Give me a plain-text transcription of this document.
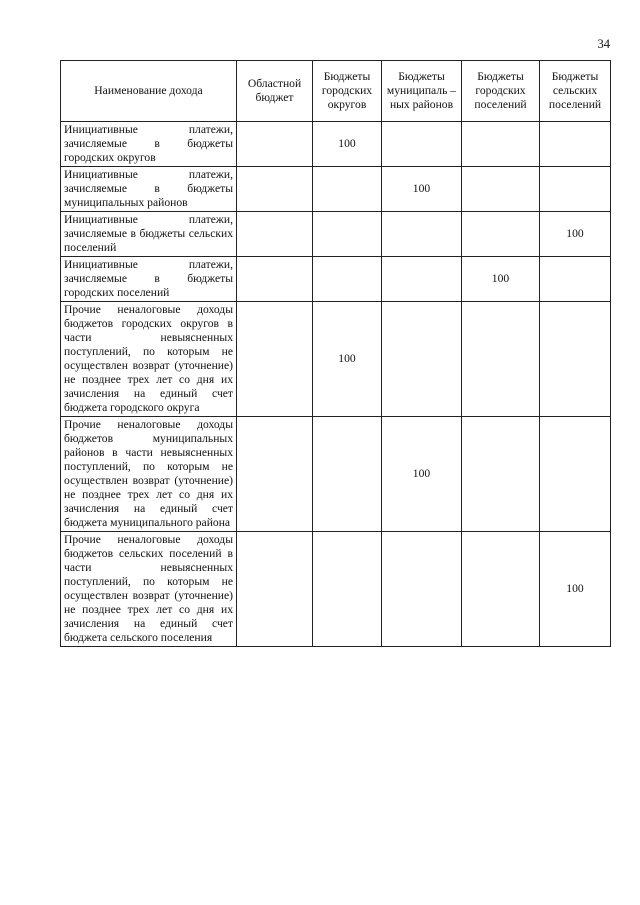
34
Наименование дохода	Областной бюджет	Бюджеты городских округов	Бюджеты муниципаль –ных районов	Бюджеты городских поселений	Бюджеты сельских поселений
Инициативные платежи, зачисляемые в бюджеты городских округов		100			
Инициативные платежи, зачисляемые в бюджеты муниципальных районов			100		
Инициативные платежи, зачисляемые в бюджеты сельских поселений					100
Инициативные платежи, зачисляемые в бюджеты городских поселений				100	
Прочие неналоговые доходы бюджетов городских округов в части невыясненных поступлений, по которым не осуществлен возврат (уточнение) не позднее трех лет со дня их зачисления на единый счет бюджета городского округа		100			
Прочие неналоговые доходы бюджетов муниципальных районов в части невыясненных поступлений, по которым не осуществлен возврат (уточнение) не позднее трех лет со дня их зачисления на единый счет бюджета муниципального района			100		
Прочие неналоговые доходы бюджетов сельских поселений в части невыясненных поступлений, по которым не осуществлен возврат (уточнение) не позднее трех лет со дня их зачисления на единый счет бюджета сельского поселения					100
